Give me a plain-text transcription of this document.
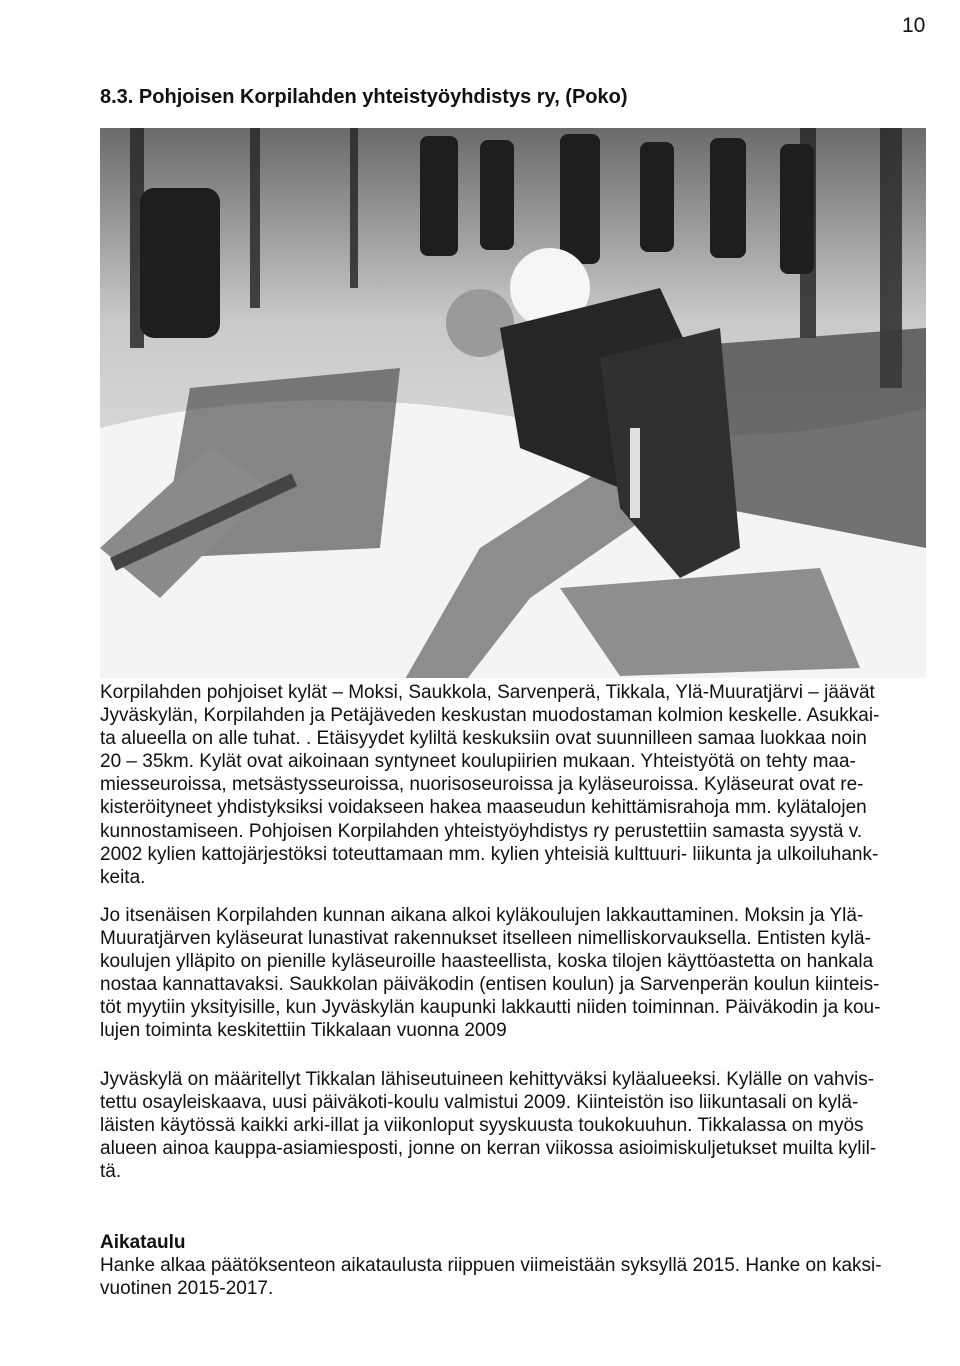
10
8.3. Pohjoisen Korpilahden yhteistyöyhdistys ry, (Poko)
Korpilahden pohjoiset kylät – Moksi, Saukkola, Sarvenperä, Tikkala, Ylä-Muuratjärvi – jäävät
Jyväskylän, Korpilahden ja Petäjäveden keskustan muodostaman kolmion keskelle. Asukkai-
ta alueella on alle tuhat. . Etäisyydet kyliltä keskuksiin ovat suunnilleen samaa luokkaa noin
20 – 35km. Kylät ovat aikoinaan syntyneet koulupiirien mukaan. Yhteistyötä on tehty maa-
miesseuroissa, metsästysseuroissa, nuorisoseuroissa ja kyläseuroissa. Kyläseurat ovat re-
kisteröityneet yhdistyksiksi voidakseen hakea maaseudun kehittämisrahoja mm. kylätalojen
kunnostamiseen. Pohjoisen Korpilahden yhteistyöyhdistys ry perustettiin samasta syystä v.
2002 kylien kattojärjestöksi toteuttamaan mm. kylien yhteisiä kulttuuri- liikunta ja ulkoiluhank-
keita.
Jo itsenäisen Korpilahden kunnan aikana alkoi kyläkoulujen lakkauttaminen. Moksin ja Ylä-
Muuratjärven kyläseurat lunastivat rakennukset itselleen nimelliskorvauksella. Entisten kylä-
koulujen ylläpito on pienille kyläseuroille haasteellista, koska tilojen käyttöastetta on hankala
nostaa kannattavaksi. Saukkolan päiväkodin (entisen koulun) ja Sarvenperän koulun kiinteis-
töt myytiin yksityisille, kun Jyväskylän kaupunki lakkautti niiden toiminnan. Päiväkodin ja kou-
lujen toiminta keskitettiin Tikkalaan vuonna 2009
Jyväskylä on määritellyt Tikkalan lähiseutuineen kehittyväksi kyläalueeksi. Kylälle on vahvis-
tettu osayleiskaava, uusi päiväkoti-koulu valmistui 2009. Kiinteistön iso liikuntasali on kylä-
läisten käytössä kaikki arki-illat ja viikonloput syyskuusta toukokuuhun. Tikkalassa on myös
alueen ainoa kauppa-asiamiesposti, jonne on kerran viikossa asioimiskuljetukset muilta kylil-
tä.
Aikataulu
Hanke alkaa päätöksenteon aikataulusta riippuen viimeistään syksyllä 2015. Hanke on kaksi-
vuotinen 2015-2017.
